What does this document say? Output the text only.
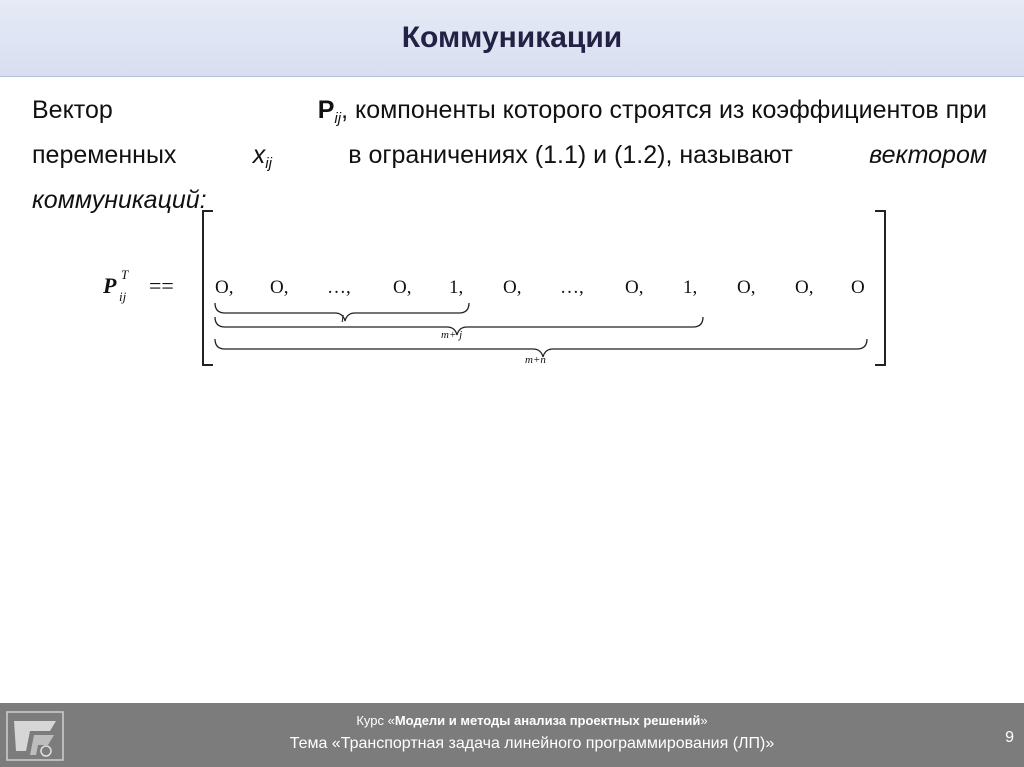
Коммуникации
Вектор	$P_{ij}$, компоненты которого строятся из коэффициентов при
переменных	$x_{ij}$	в ограничениях (1.1) и (1.2), называют	вектором
коммуникаций:
P T
ij == O, O, …, O, 1, O, …, O, 1, O, O, O
i
m+ j
m+n
Курс «Модели и методы анализа проектных решений»
Тема «Транспортная задача линейного программирования (ЛП)»	9
